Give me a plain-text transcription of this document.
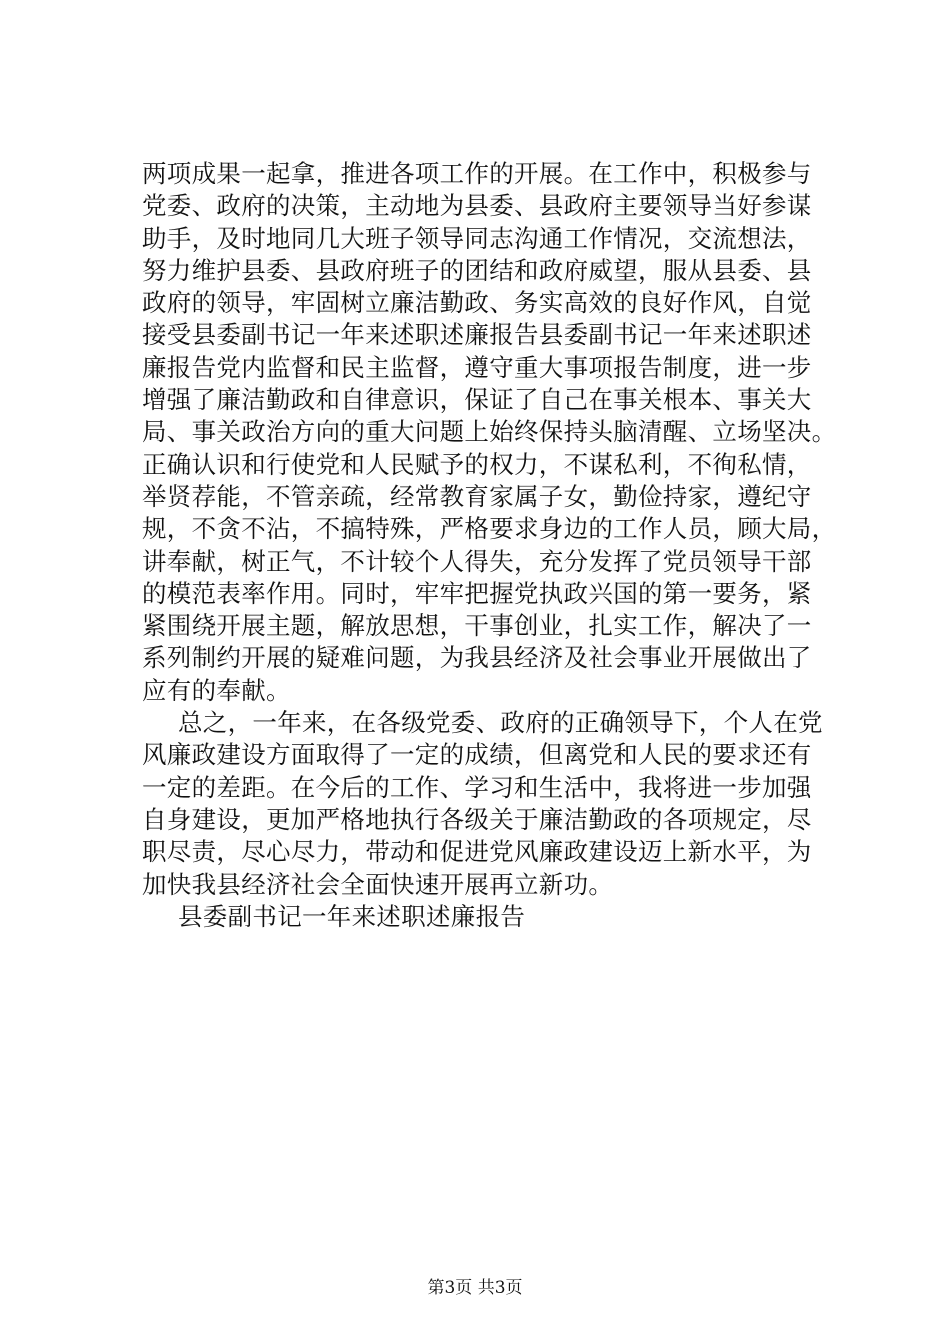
两项成果一起拿，推进各项工作的开展。在工作中，积极参与
党委、政府的决策，主动地为县委、县政府主要领导当好参谋
助手，及时地同几大班子领导同志沟通工作情况，交流想法，
努力维护县委、县政府班子的团结和政府威望，服从县委、县
政府的领导，牢固树立廉洁勤政、务实高效的良好作风，自觉
接受县委副书记一年来述职述廉报告县委副书记一年来述职述
廉报告党内监督和民主监督，遵守重大事项报告制度，进一步
增强了廉洁勤政和自律意识，保证了自己在事关根本、事关大
局、事关政治方向的重大问题上始终保持头脑清醒、立场坚决。
正确认识和行使党和人民赋予的权力，不谋私利，不徇私情，
举贤荐能，不管亲疏，经常教育家属子女，勤俭持家，遵纪守
规，不贪不沾，不搞特殊，严格要求身边的工作人员，顾大局，
讲奉献，树正气，不计较个人得失，充分发挥了党员领导干部
的模范表率作用。同时，牢牢把握党执政兴国的第一要务，紧
紧围绕开展主题，解放思想，干事创业，扎实工作，解决了一
系列制约开展的疑难问题，为我县经济及社会事业开展做出了
应有的奉献。
总之，一年来，在各级党委、政府的正确领导下，个人在党
风廉政建设方面取得了一定的成绩，但离党和人民的要求还有
一定的差距。在今后的工作、学习和生活中，我将进一步加强
自身建设，更加严格地执行各级关于廉洁勤政的各项规定，尽
职尽责，尽心尽力，带动和促进党风廉政建设迈上新水平，为
加快我县经济社会全面快速开展再立新功。
县委副书记一年来述职述廉报告
第3页 共3页
